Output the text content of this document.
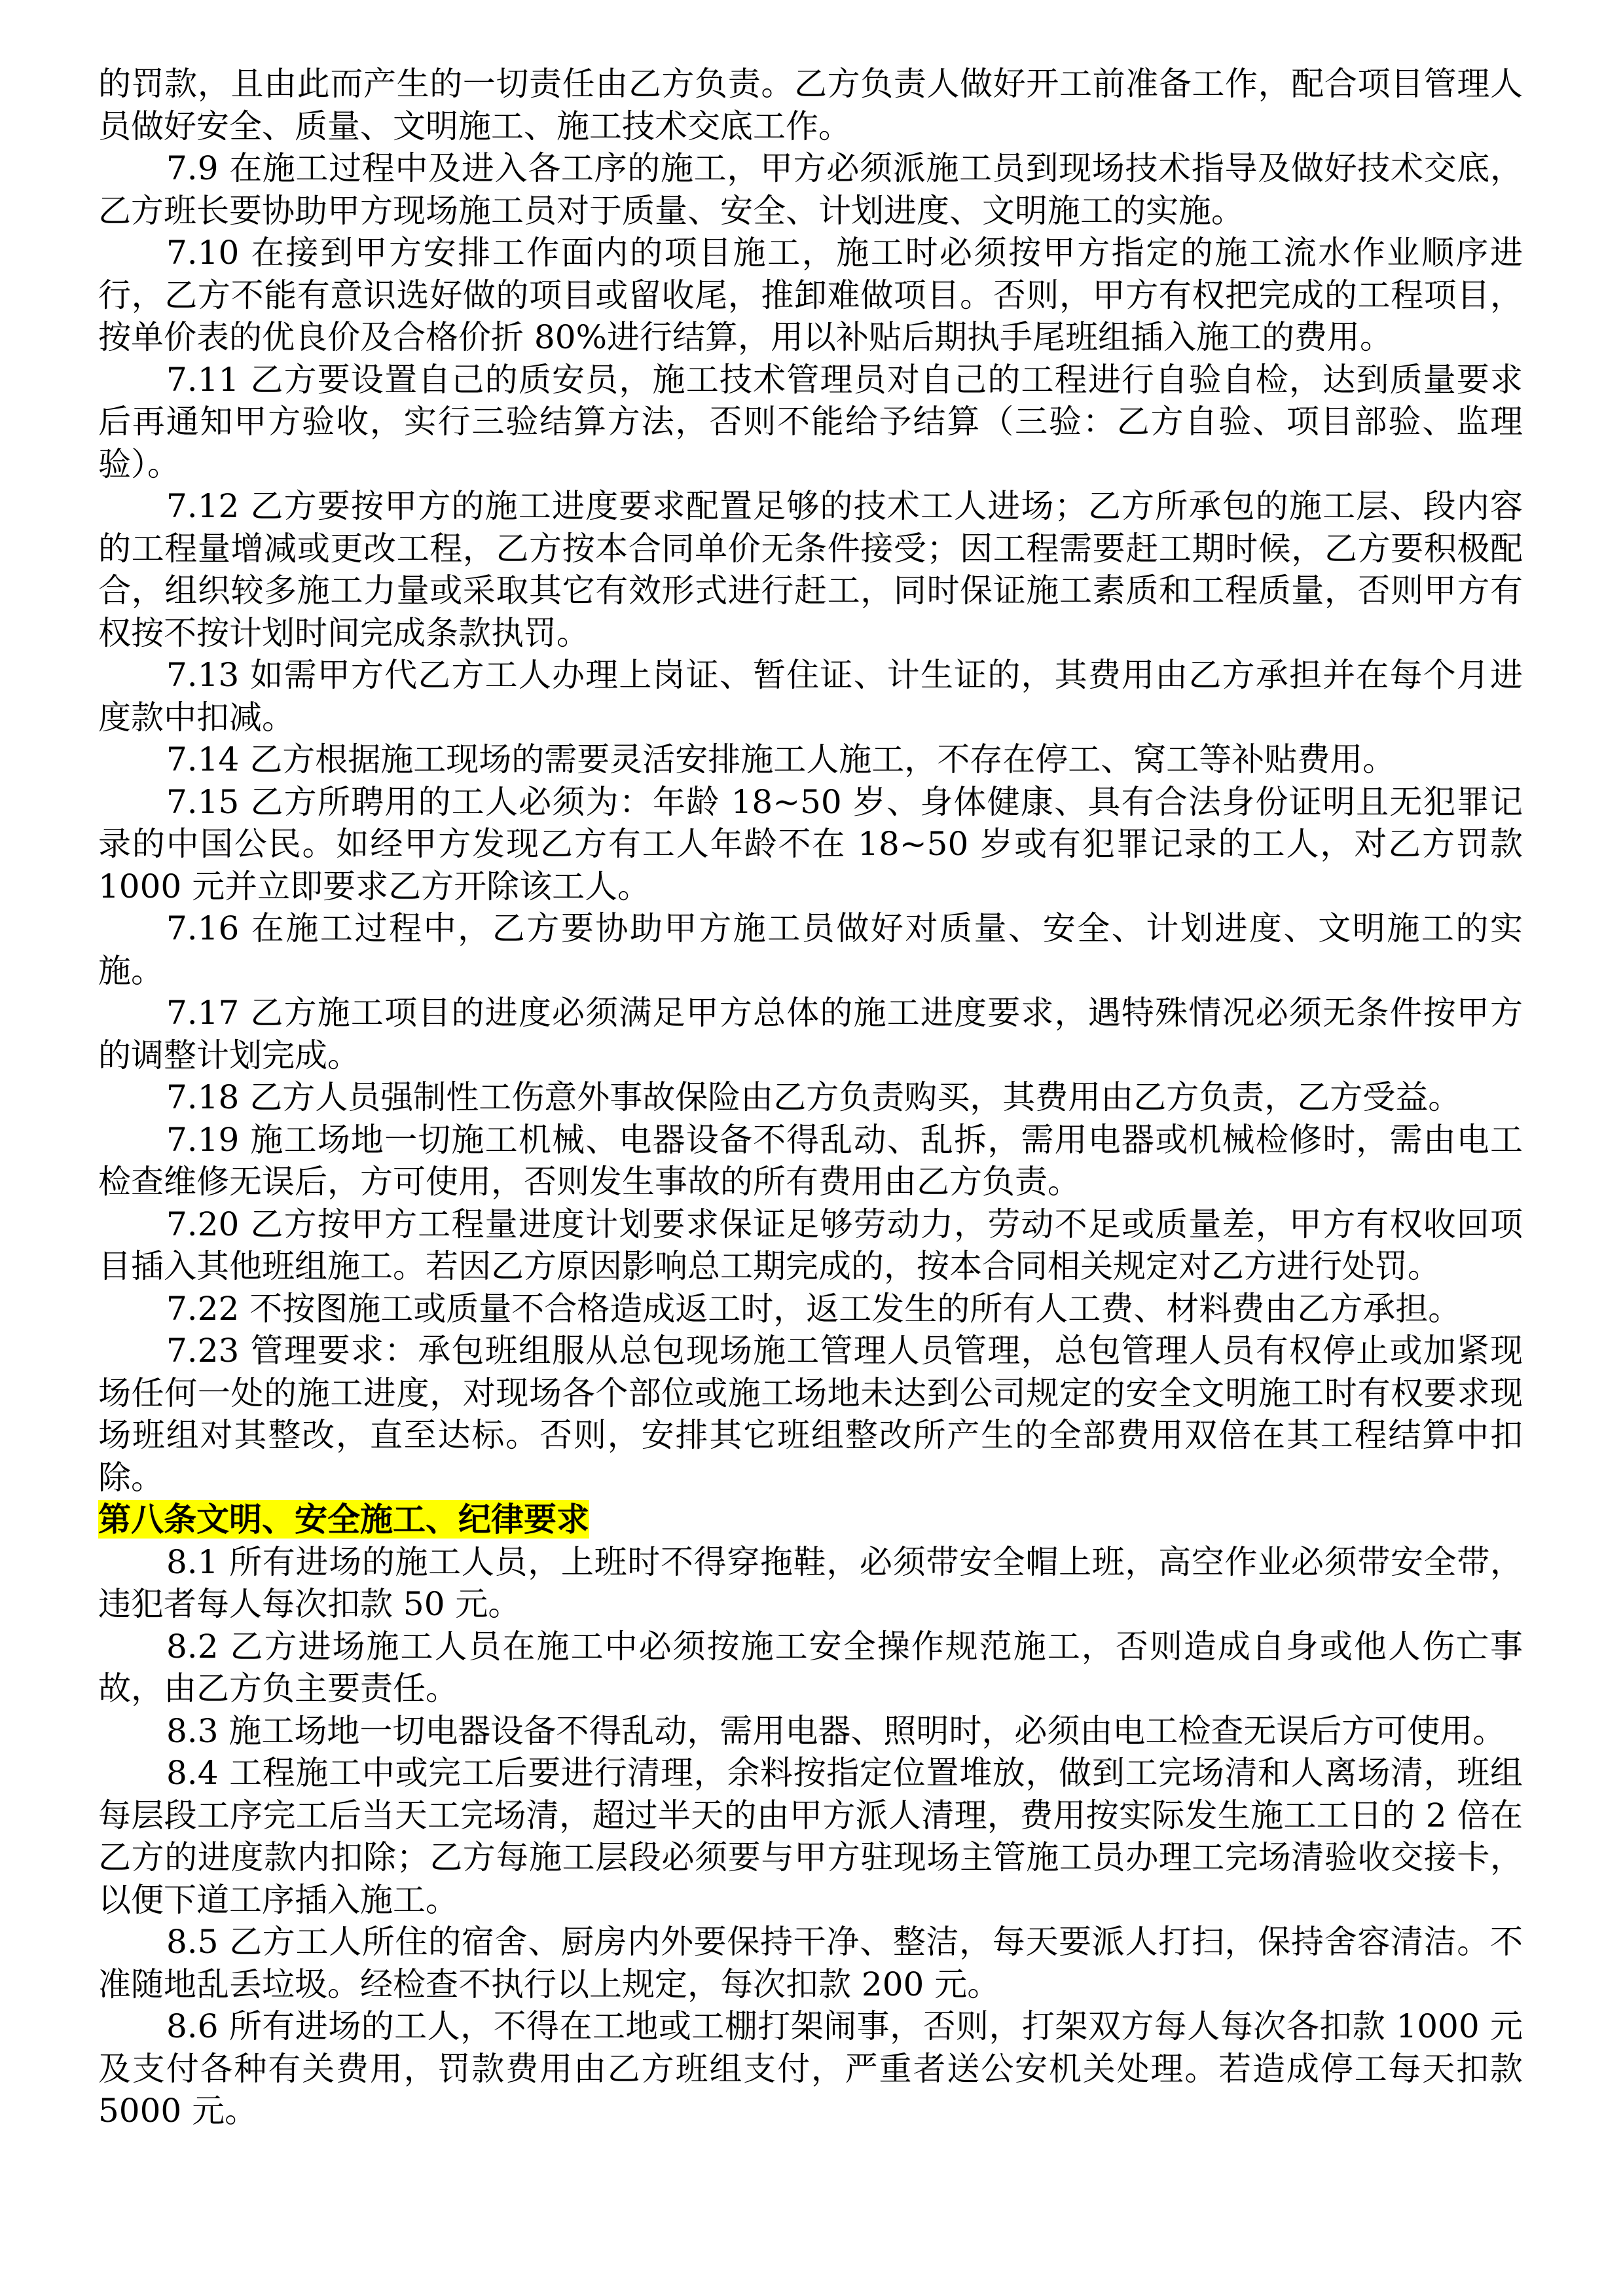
的罚款，且由此而产生的一切责任由乙方负责。乙方负责人做好开工前准备工作，配合项目管理人员做好安全、质量、文明施工、施工技术交底工作。

7.9 在施工过程中及进入各工序的施工，甲方必须派施工员到现场技术指导及做好技术交底，乙方班长要协助甲方现场施工员对于质量、安全、计划进度、文明施工的实施。

7.10 在接到甲方安排工作面内的项目施工，施工时必须按甲方指定的施工流水作业顺序进行，乙方不能有意识选好做的项目或留收尾，推卸难做项目。否则，甲方有权把完成的工程项目，按单价表的优良价及合格价折 80%进行结算，用以补贴后期执手尾班组插入施工的费用。

7.11 乙方要设置自己的质安员，施工技术管理员对自己的工程进行自验自检，达到质量要求后再通知甲方验收，实行三验结算方法，否则不能给予结算（三验：乙方自验、项目部验、监理验）。

7.12 乙方要按甲方的施工进度要求配置足够的技术工人进场；乙方所承包的施工层、段内容的工程量增减或更改工程，乙方按本合同单价无条件接受；因工程需要赶工期时候，乙方要积极配合，组织较多施工力量或采取其它有效形式进行赶工，同时保证施工素质和工程质量，否则甲方有权按不按计划时间完成条款执罚。

7.13 如需甲方代乙方工人办理上岗证、暂住证、计生证的，其费用由乙方承担并在每个月进度款中扣减。

7.14 乙方根据施工现场的需要灵活安排施工人施工，不存在停工、窝工等补贴费用。

7.15 乙方所聘用的工人必须为：年龄 18~50 岁、身体健康、具有合法身份证明且无犯罪记录的中国公民。如经甲方发现乙方有工人年龄不在 18~50 岁或有犯罪记录的工人，对乙方罚款 1000 元并立即要求乙方开除该工人。

7.16 在施工过程中，乙方要协助甲方施工员做好对质量、安全、计划进度、文明施工的实施。

7.17 乙方施工项目的进度必须满足甲方总体的施工进度要求，遇特殊情况必须无条件按甲方的调整计划完成。

7.18 乙方人员强制性工伤意外事故保险由乙方负责购买，其费用由乙方负责，乙方受益。

7.19 施工场地一切施工机械、电器设备不得乱动、乱拆，需用电器或机械检修时，需由电工检查维修无误后，方可使用，否则发生事故的所有费用由乙方负责。

7.20 乙方按甲方工程量进度计划要求保证足够劳动力，劳动不足或质量差，甲方有权收回项目插入其他班组施工。若因乙方原因影响总工期完成的，按本合同相关规定对乙方进行处罚。

7.22 不按图施工或质量不合格造成返工时，返工发生的所有人工费、材料费由乙方承担。

7.23 管理要求：承包班组服从总包现场施工管理人员管理，总包管理人员有权停止或加紧现场任何一处的施工进度，对现场各个部位或施工场地未达到公司规定的安全文明施工时有权要求现场班组对其整改，直至达标。否则，安排其它班组整改所产生的全部费用双倍在其工程结算中扣除。

第八条文明、安全施工、纪律要求

8.1 所有进场的施工人员，上班时不得穿拖鞋，必须带安全帽上班，高空作业必须带安全带，违犯者每人每次扣款 50 元。

8.2 乙方进场施工人员在施工中必须按施工安全操作规范施工，否则造成自身或他人伤亡事故，由乙方负主要责任。

8.3 施工场地一切电器设备不得乱动，需用电器、照明时，必须由电工检查无误后方可使用。

8.4 工程施工中或完工后要进行清理，余料按指定位置堆放，做到工完场清和人离场清，班组每层段工序完工后当天工完场清，超过半天的由甲方派人清理，费用按实际发生施工工日的 2 倍在乙方的进度款内扣除；乙方每施工层段必须要与甲方驻现场主管施工员办理工完场清验收交接卡，以便下道工序插入施工。

8.5 乙方工人所住的宿舍、厨房内外要保持干净、整洁，每天要派人打扫，保持舍容清洁。不准随地乱丢垃圾。经检查不执行以上规定，每次扣款 200 元。

8.6 所有进场的工人，不得在工地或工棚打架闹事，否则，打架双方每人每次各扣款 1000 元及支付各种有关费用，罚款费用由乙方班组支付，严重者送公安机关处理。若造成停工每天扣款 5000 元。
